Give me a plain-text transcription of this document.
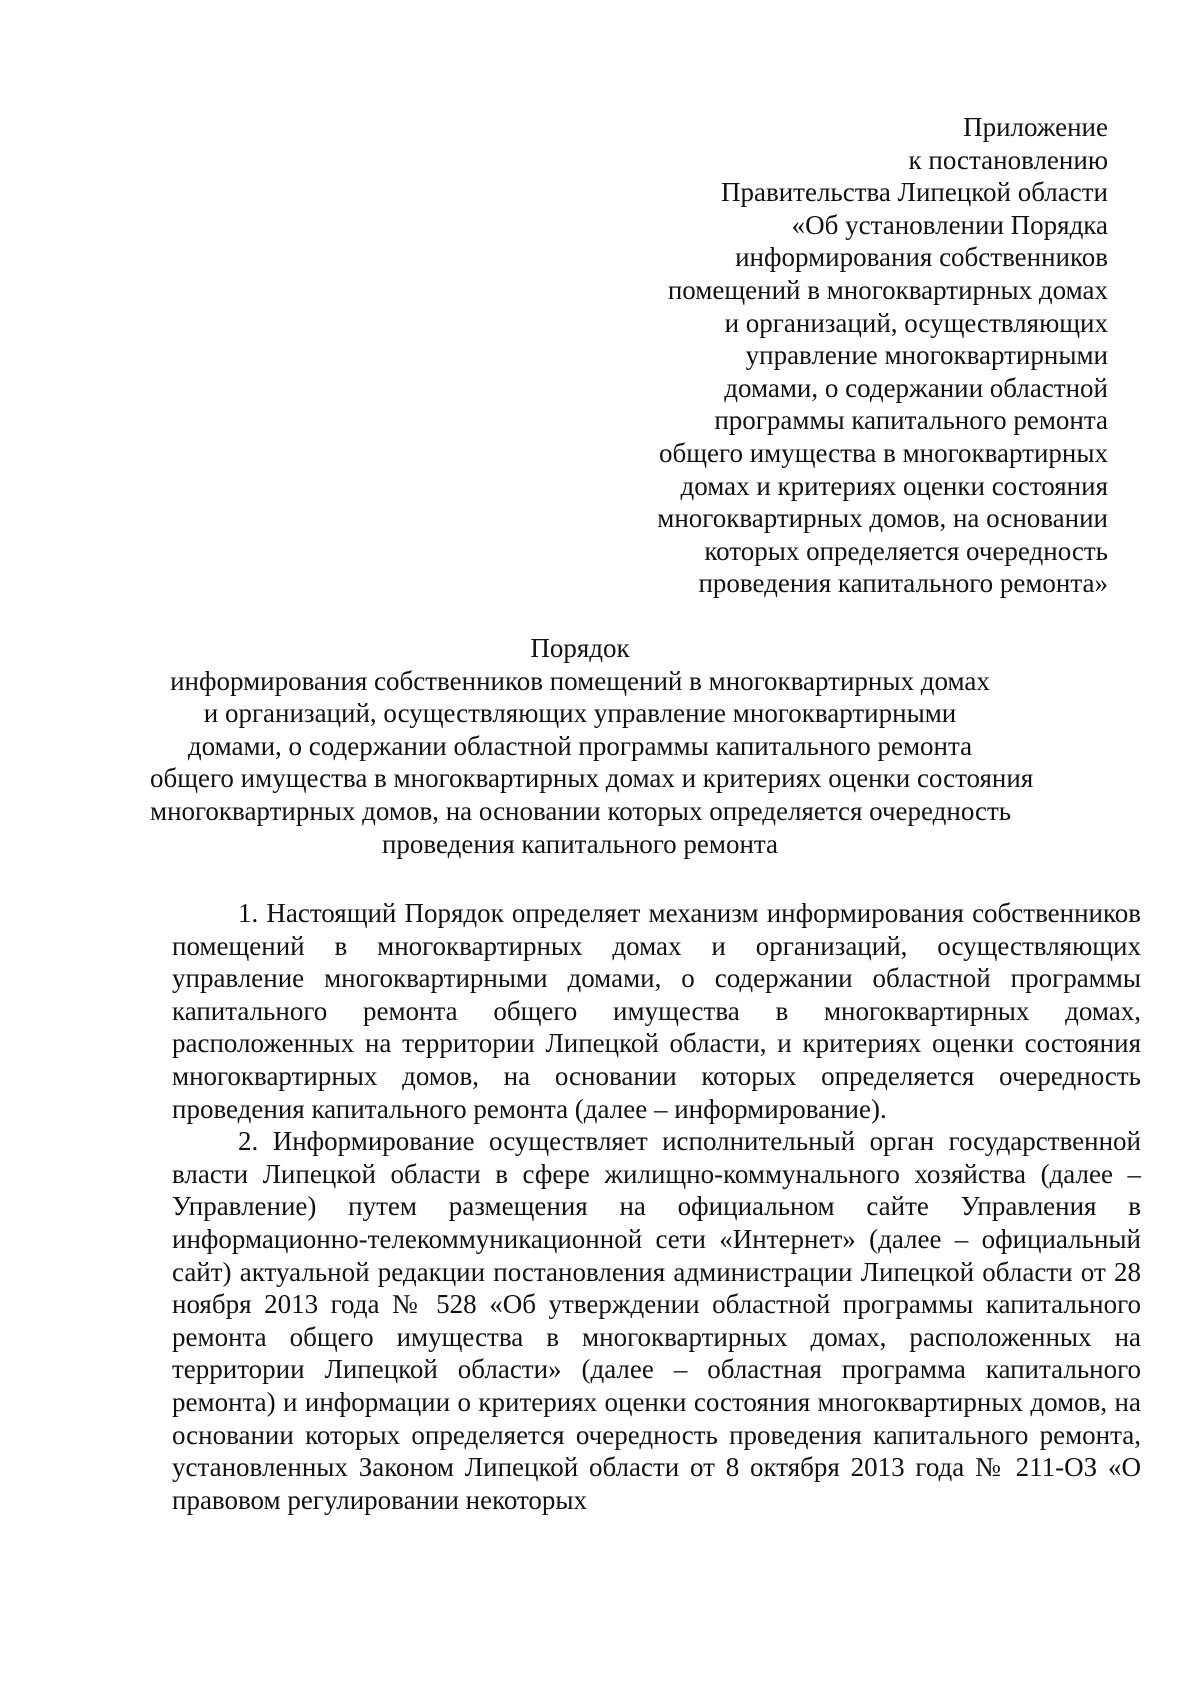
Приложение
к постановлению
Правительства Липецкой области
«Об установлении Порядка
информирования собственников
помещений в многоквартирных домах
и организаций, осуществляющих
управление многоквартирными
домами, о содержании областной
программы капитального ремонта
общего имущества в многоквартирных
домах и критериях оценки состояния
многоквартирных домов, на основании
которых определяется очередность
проведения капитального ремонта»
Порядок
информирования собственников помещений в многоквартирных домах
и организаций, осуществляющих управление многоквартирными
домами, о содержании областной программы капитального ремонта
общего имущества в многоквартирных домах и критериях оценки состояния
многоквартирных домов, на основании которых определяется очередность
проведения капитального ремонта

1. Настоящий Порядок определяет механизм информирования собственников помещений в многоквартирных домах и организаций, осуществляющих управление многоквартирными домами, о содержании областной программы капитального ремонта общего имущества в многоквартирных домах, расположенных на территории Липецкой области, и критериях оценки состояния многоквартирных домов, на основании которых определяется очередность проведения капитального ремонта (далее – информирование).

2. Информирование осуществляет исполнительный орган государственной власти Липецкой области в сфере жилищно-коммунального хозяйства (далее – Управление) путем размещения на официальном сайте Управления в информационно-телекоммуникационной сети «Интернет» (далее – официальный сайт) актуальной редакции постановления администрации Липецкой области от 28 ноября 2013 года № 528 «Об утверждении областной программы капитального ремонта общего имущества в многоквартирных домах, расположенных на территории Липецкой области» (далее – областная программа капитального ремонта) и информации о критериях оценки состояния многоквартирных домов, на основании которых определяется очередность проведения капитального ремонта, установленных Законом Липецкой области от 8 октября 2013 года № 211-ОЗ «О правовом регулировании некоторых
